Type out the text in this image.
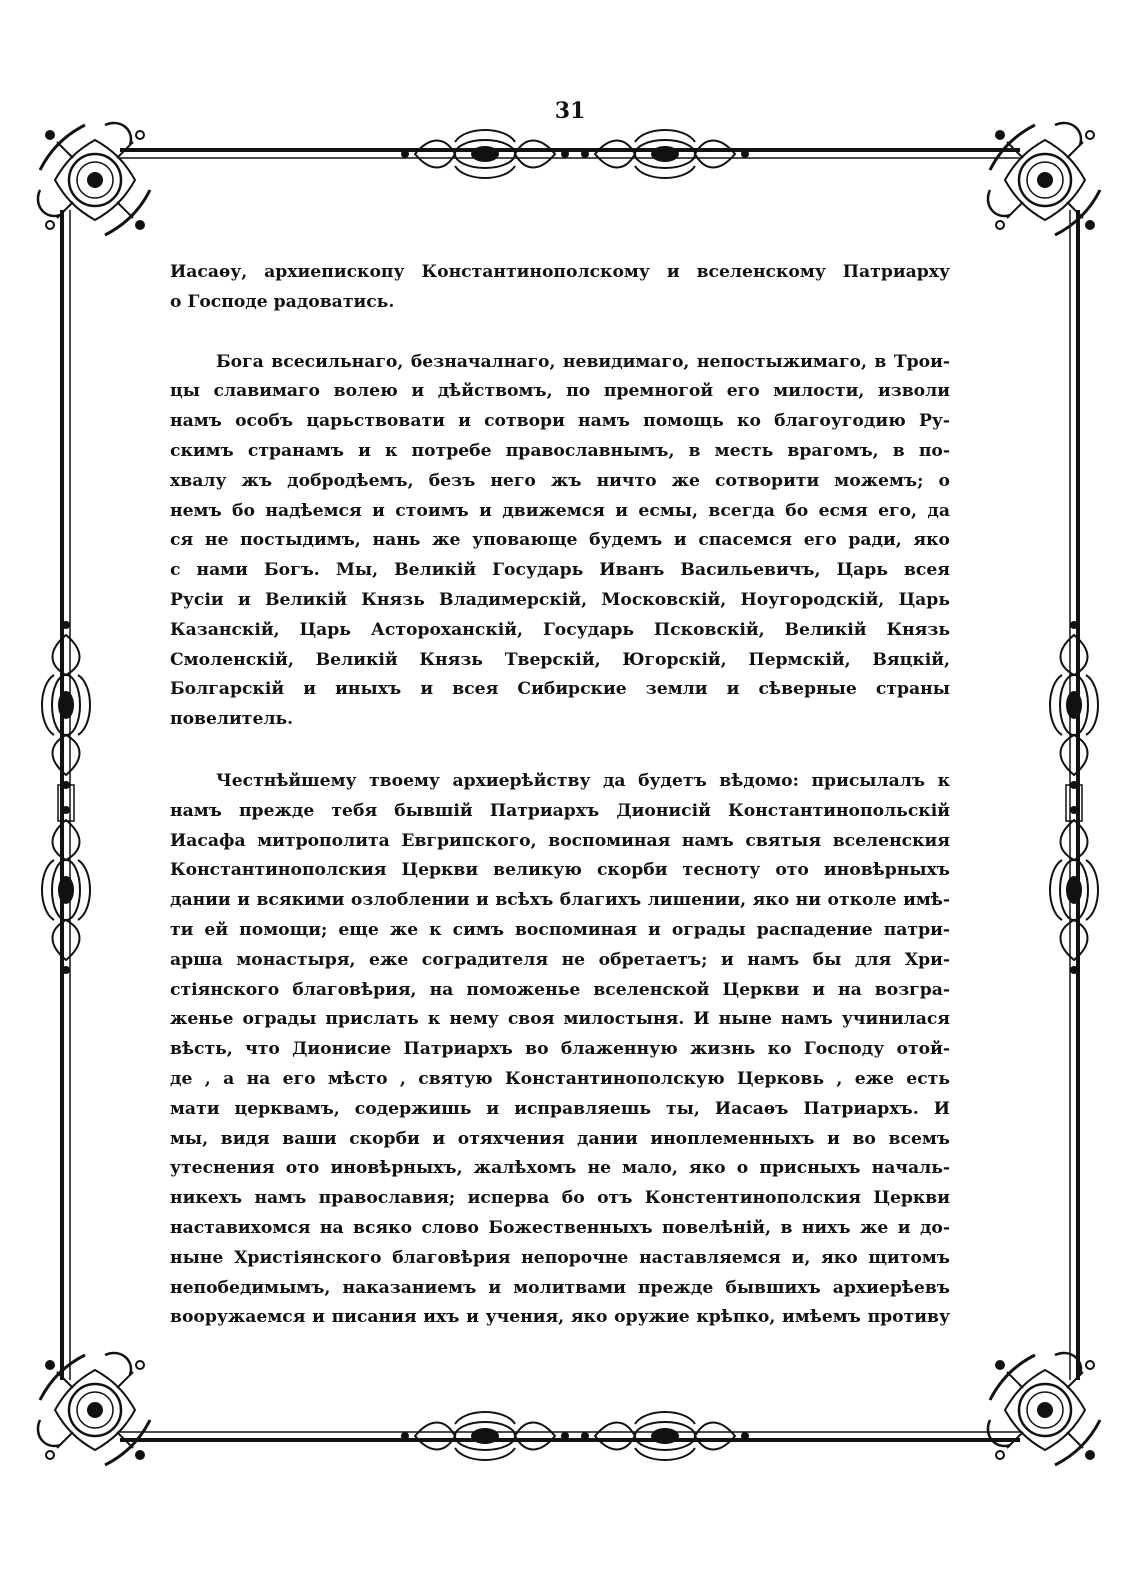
31
Иасаѳу, архиепископу Константинополскому и вселенскому Патриарху
о Господе радоватись.
Бога всесильнаго, безначалнаго, невидимаго, непостыжимаго, в Трои-
цы славимаго волею и дѣйствомъ, по премногой его милости, изволи
намъ особъ царьствовати и сотвори намъ помощь ко благоугодию Ру-
скимъ странамъ и к потребе православнымъ, в месть врагомъ, в по-
хвалу жъ добродѣемъ, безъ него жъ ничто же сотворити можемъ; о
немъ бо надѣемся и стоимъ и движемся и есмы, всегда бо есмя его, да
ся не постыдимъ, нань же уповающе будемъ и спасемся его ради, яко
с нами Богъ. Мы, Великій Государь Иванъ Васильевичъ, Царь всея
Русіи и Великій Князь Владимерскій, Московскій, Ноугородскій, Царь
Казанскій, Царь Астороханскій, Государь Псковскій, Великій Князь
Смоленскій, Великій Князь Тверскій, Югорскій, Пермскій, Вяцкій,
Болгарскій и иныхъ и всея Сибирские земли и сѣверные страны
повелитель.
Честнѣйшему твоему архиерѣйству да будетъ вѣдомо: присылалъ к
намъ прежде тебя бывшій Патриархъ Дионисій Константинопольскій
Иасафа митрополита Евгрипского, воспоминая намъ святыя вселенския
Константинополския Церкви великую скорби тесноту ото иновѣрныхъ
дании и всякими озлоблении и всѣхъ благихъ лишении, яко ни отколе имѣ-
ти ей помощи; еще же к симъ воспоминая и ограды распадение патри-
арша монастыря, еже соградителя не обретаетъ; и намъ бы для Хри-
стіянского благовѣрия, на поможенье вселенской Церкви и на возгра-
женье ограды прислать к нему своя милостыня. И ныне намъ учинилася
вѣсть, что Дионисие Патриархъ во блаженную жизнь ко Господу отой-
де , а на его мѣсто , святую Константинополскую Церковь , еже есть
мати церквамъ, содержишь и исправляешь ты, Иасаѳъ Патриархъ. И
мы, видя ваши скорби и отяхчения дании иноплеменныхъ и во всемъ
утеснения ото иновѣрныхъ, жалѣхомъ не мало, яко о присныхъ началь-
никехъ намъ православия; исперва бо отъ Констентинополския Церкви
наставихомся на всяко слово Божественныхъ повелѣній, в нихъ же и до-
ныне Христіянского благовѣрия непорочне наставляемся и, яко щитомъ
непобедимымъ, наказаниемъ и молитвами прежде бывшихъ архиерѣевъ
вооружаемся и писания ихъ и учения, яко оружие крѣпко, имѣемъ противу
